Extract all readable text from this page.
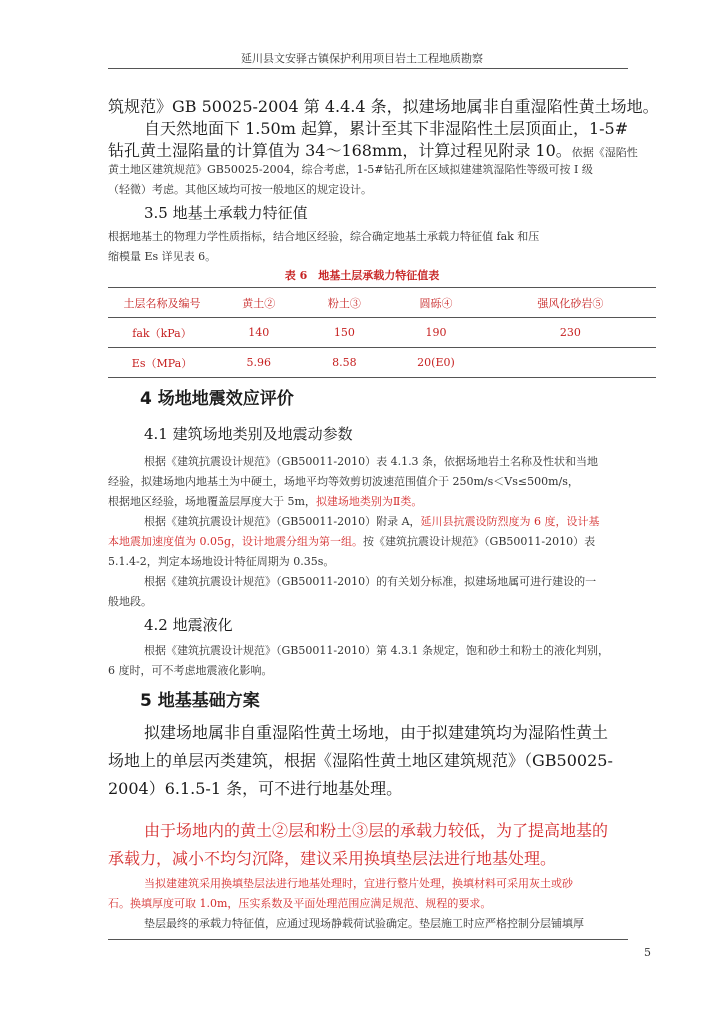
延川县文安驿古镇保护利用项目岩土工程地质勘察
筑规范》GB 50025-2004 第 4.4.4 条，拟建场地属非自重湿陷性黄土场地。
自天然地面下 1.50m 起算，累计至其下非湿陷性土层顶面止，1-5#
钻孔黄土湿陷量的计算值为 34～168mm，计算过程见附录 10。依据《湿陷性
黄土地区建筑规范》GB50025-2004，综合考虑，1-5#钻孔所在区域拟建建筑湿陷性等级可按 I 级
（轻微）考虑。其他区域均可按一般地区的规定设计。
3.5 地基土承载力特征值
根据地基土的物理力学性质指标，结合地区经验，综合确定地基土承载力特征值 fak 和压
缩模量 Es 详见表 6。
表 6　地基土层承载力特征值表
土层名称及编号	黄土②	粉土③	圆砾④	强风化砂岩⑤
fak（kPa）	140	150	190	230
Es（MPa）	5.96	8.58	20(E0)	
4 场地地震效应评价
4.1 建筑场地类别及地震动参数
根据《建筑抗震设计规范》（GB50011-2010）表 4.1.3 条，依据场地岩土名称及性状和当地
经验，拟建场地内地基土为中硬土，场地平均等效剪切波速范围值介于 250m/s＜Vs≤500m/s，
根据地区经验，场地覆盖层厚度大于 5m，拟建场地类别为Ⅱ类。
根据《建筑抗震设计规范》（GB50011-2010）附录 A，延川县抗震设防烈度为 6 度，设计基
本地震加速度值为 0.05g，设计地震分组为第一组。按《建筑抗震设计规范》（GB50011-2010）表
5.1.4-2，判定本场地设计特征周期为 0.35s。
根据《建筑抗震设计规范》（GB50011-2010）的有关划分标准，拟建场地属可进行建设的一
般地段。
4.2 地震液化
根据《建筑抗震设计规范》（GB50011-2010）第 4.3.1 条规定，饱和砂土和粉土的液化判别，
6 度时，可不考虑地震液化影响。
5 地基基础方案
拟建场地属非自重湿陷性黄土场地，由于拟建建筑均为湿陷性黄土
场地上的单层丙类建筑，根据《湿陷性黄土地区建筑规范》（GB50025-
2004）6.1.5-1 条，可不进行地基处理。
由于场地内的黄土②层和粉土③层的承载力较低，为了提高地基的
承载力，减小不均匀沉降，建议采用换填垫层法进行地基处理。
当拟建建筑采用换填垫层法进行地基处理时，宜进行整片处理，换填材料可采用灰土或砂
石。换填厚度可取 1.0m，压实系数及平面处理范围应满足规范、规程的要求。
垫层最终的承载力特征值，应通过现场静载荷试验确定。垫层施工时应严格控制分层铺填厚
5
